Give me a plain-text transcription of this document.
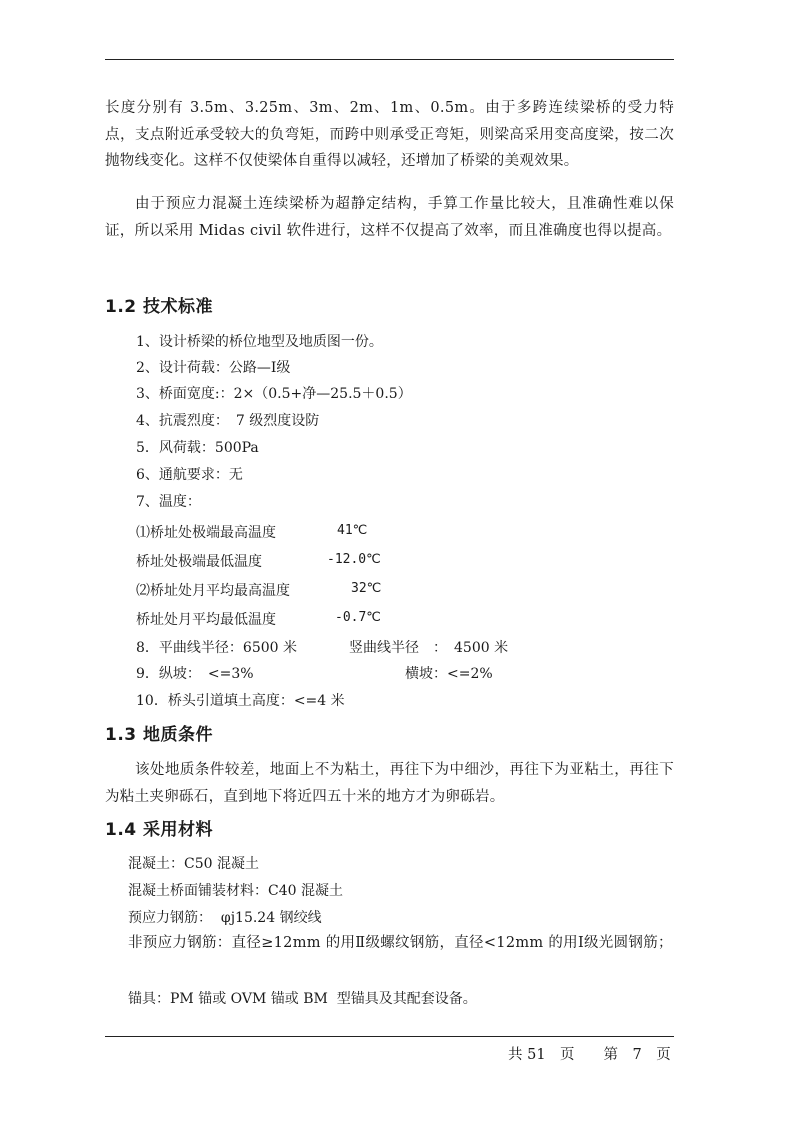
长度分别有 3.5m、3.25m、3m、2m、1m、0.5m。由于多跨连续梁桥的受力特点，支点附近承受较大的负弯矩，而跨中则承受正弯矩，则梁高采用变高度梁，按二次抛物线变化。这样不仅使梁体自重得以减轻，还增加了桥梁的美观效果。

由于预应力混凝土连续梁桥为超静定结构，手算工作量比较大，且准确性难以保证，所以采用 Midas civil 软件进行，这样不仅提高了效率，而且准确度也得以提高。

1.2 技术标准
1、设计桥梁的桥位地型及地质图一份。
2、设计荷载：公路—Ⅰ级
3、桥面宽度:：2×（0.5+净—25.5＋0.5）
4、抗震烈度：　7 级烈度设防
5．风荷载：500Pa
6、通航要求：无
7、温度：
⑴桥址处极端最高温度	41℃
桥址处极端最低温度	-12.0℃
⑵桥址处月平均最高温度	32℃
桥址处月平均最低温度	-0.7℃
8．平曲线半径：6500 米	竖曲线半径　：　4500 米
9．纵坡：　<=3%	横坡：<=2%
10．桥头引道填土高度：<=4 米
1.3 地质条件

该处地质条件较差，地面上不为粘土，再往下为中细沙，再往下为亚粘土，再往下为粘土夹卵砾石，直到地下将近四五十米的地方才为卵砾岩。

1.4 采用材料
混凝土：C50 混凝土
混凝土桥面铺装材料：C40 混凝土
预应力钢筋：  φj15.24 钢绞线

非预应力钢筋：直径≥12mm 的用Ⅱ级螺纹钢筋，直径<12mm 的用Ⅰ级光圆钢筋；

锚具：PM 锚或 OVM 锚或 BM  型锚具及其配套设备。
共 51　页　　第　7　页
